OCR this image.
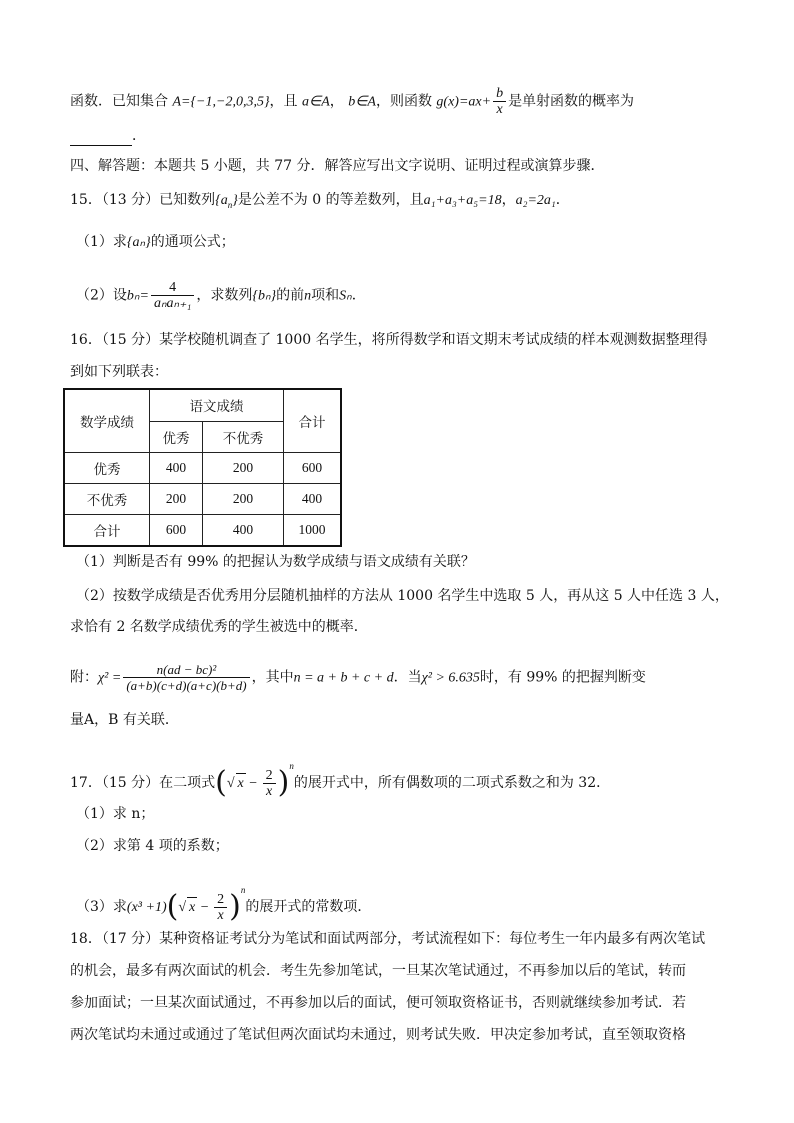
函数．已知集合 A={−1,−2,0,3,5}，且 a∈A， b∈A，则函数 $g(x)=ax+ \frac{b}{x}$ 是单射函数的概率为
．
四、解答题：本题共 5 小题，共 77 分．解答应写出文字说明、证明过程或演算步骤．
15．（13 分）已知数列$\{a_n\}$是公差不为 0 的等差数列，且a₁+a₃+a₅=18，a₂=2a₁．
（1）求{aₙ}的通项公式；
（2）设$b_n= \frac{4}{\text{aₙaₙ₊₁}}$ ，求数列{bₙ}的前n项和Sₙ．
16．（15 分）某学校随机调查了 1000 名学生，将所得数学和语文期末考试成绩的样本观测数据整理得
到如下列联表：
数学成绩	语文成绩		合计
	优秀	不优秀	
优秀	400	200	600
不优秀	200	200	400
合计	600	400	1000
（1）判断是否有 99% 的把握认为数学成绩与语文成绩有关联？
（2）按数学成绩是否优秀用分层随机抽样的方法从 1000 名学生中选取 5 人，再从这 5 人中任选 3 人，
求恰有 2 名数学成绩优秀的学生被选中的概率．
附：$\chi^2 = \frac{\text{n(ad − bc)²}}{(a+b)(c+d)(a+c)(b+d)}$ ，其中n = a + b + c + d．当χ² > 6.635时，有 99% 的把握判断变
量A，B 有关联．
17．（15 分）在二项式(√ $x - \frac{2}{x} )^n$的展开式中，所有偶数项的二项式系数之和为 32．
（1）求 n；
（2）求第 4 项的系数；
（3）求(x³ +1)(√ $x - \frac{2}{x} )^n$的展开式的常数项．
18．（17 分）某种资格证考试分为笔试和面试两部分，考试流程如下：每位考生一年内最多有两次笔试
的机会，最多有两次面试的机会．考生先参加笔试，一旦某次笔试通过，不再参加以后的笔试，转而
参加面试；一旦某次面试通过，不再参加以后的面试，便可领取资格证书，否则就继续参加考试．若
两次笔试均未通过或通过了笔试但两次面试均未通过，则考试失败．甲决定参加考试，直至领取资格
